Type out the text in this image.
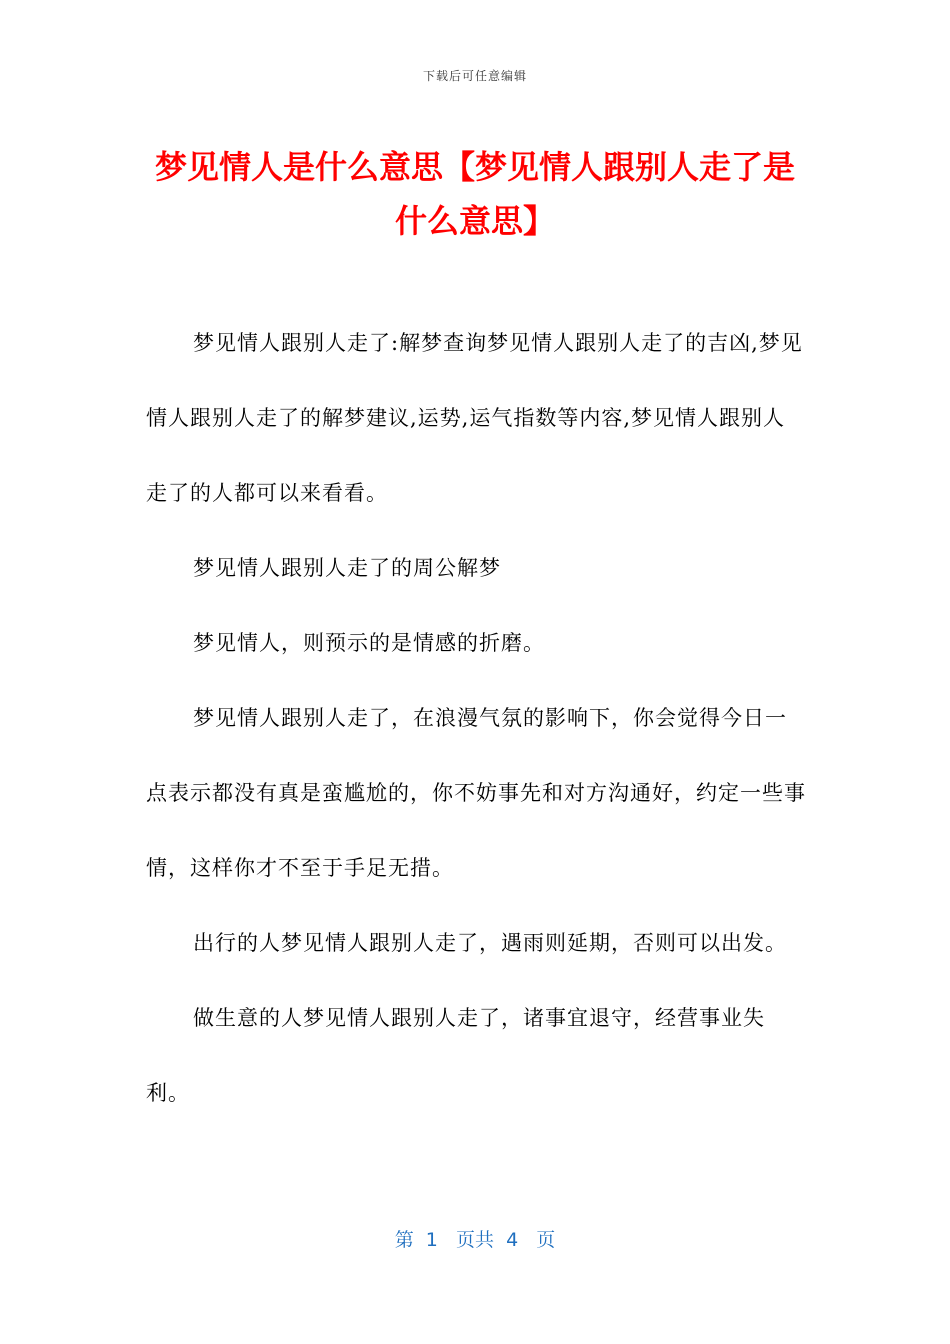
下载后可任意编辑
梦见情人是什么意思【梦见情人跟别人走了是什么意思】

梦见情人跟别人走了:解梦查询梦见情人跟别人走了的吉凶,梦见情人跟别人走了的解梦建议,运势,运气指数等内容,梦见情人跟别人走了的人都可以来看看。

梦见情人跟别人走了的周公解梦

梦见情人，则预示的是情感的折磨。

梦见情人跟别人走了，在浪漫气氛的影响下，你会觉得今日一点表示都没有真是蛮尴尬的，你不妨事先和对方沟通好，约定一些事情，这样你才不至于手足无措。

出行的人梦见情人跟别人走了，遇雨则延期，否则可以出发。

做生意的人梦见情人跟别人走了，诸事宜退守，经营事业失利。

第  1   页共  4   页
